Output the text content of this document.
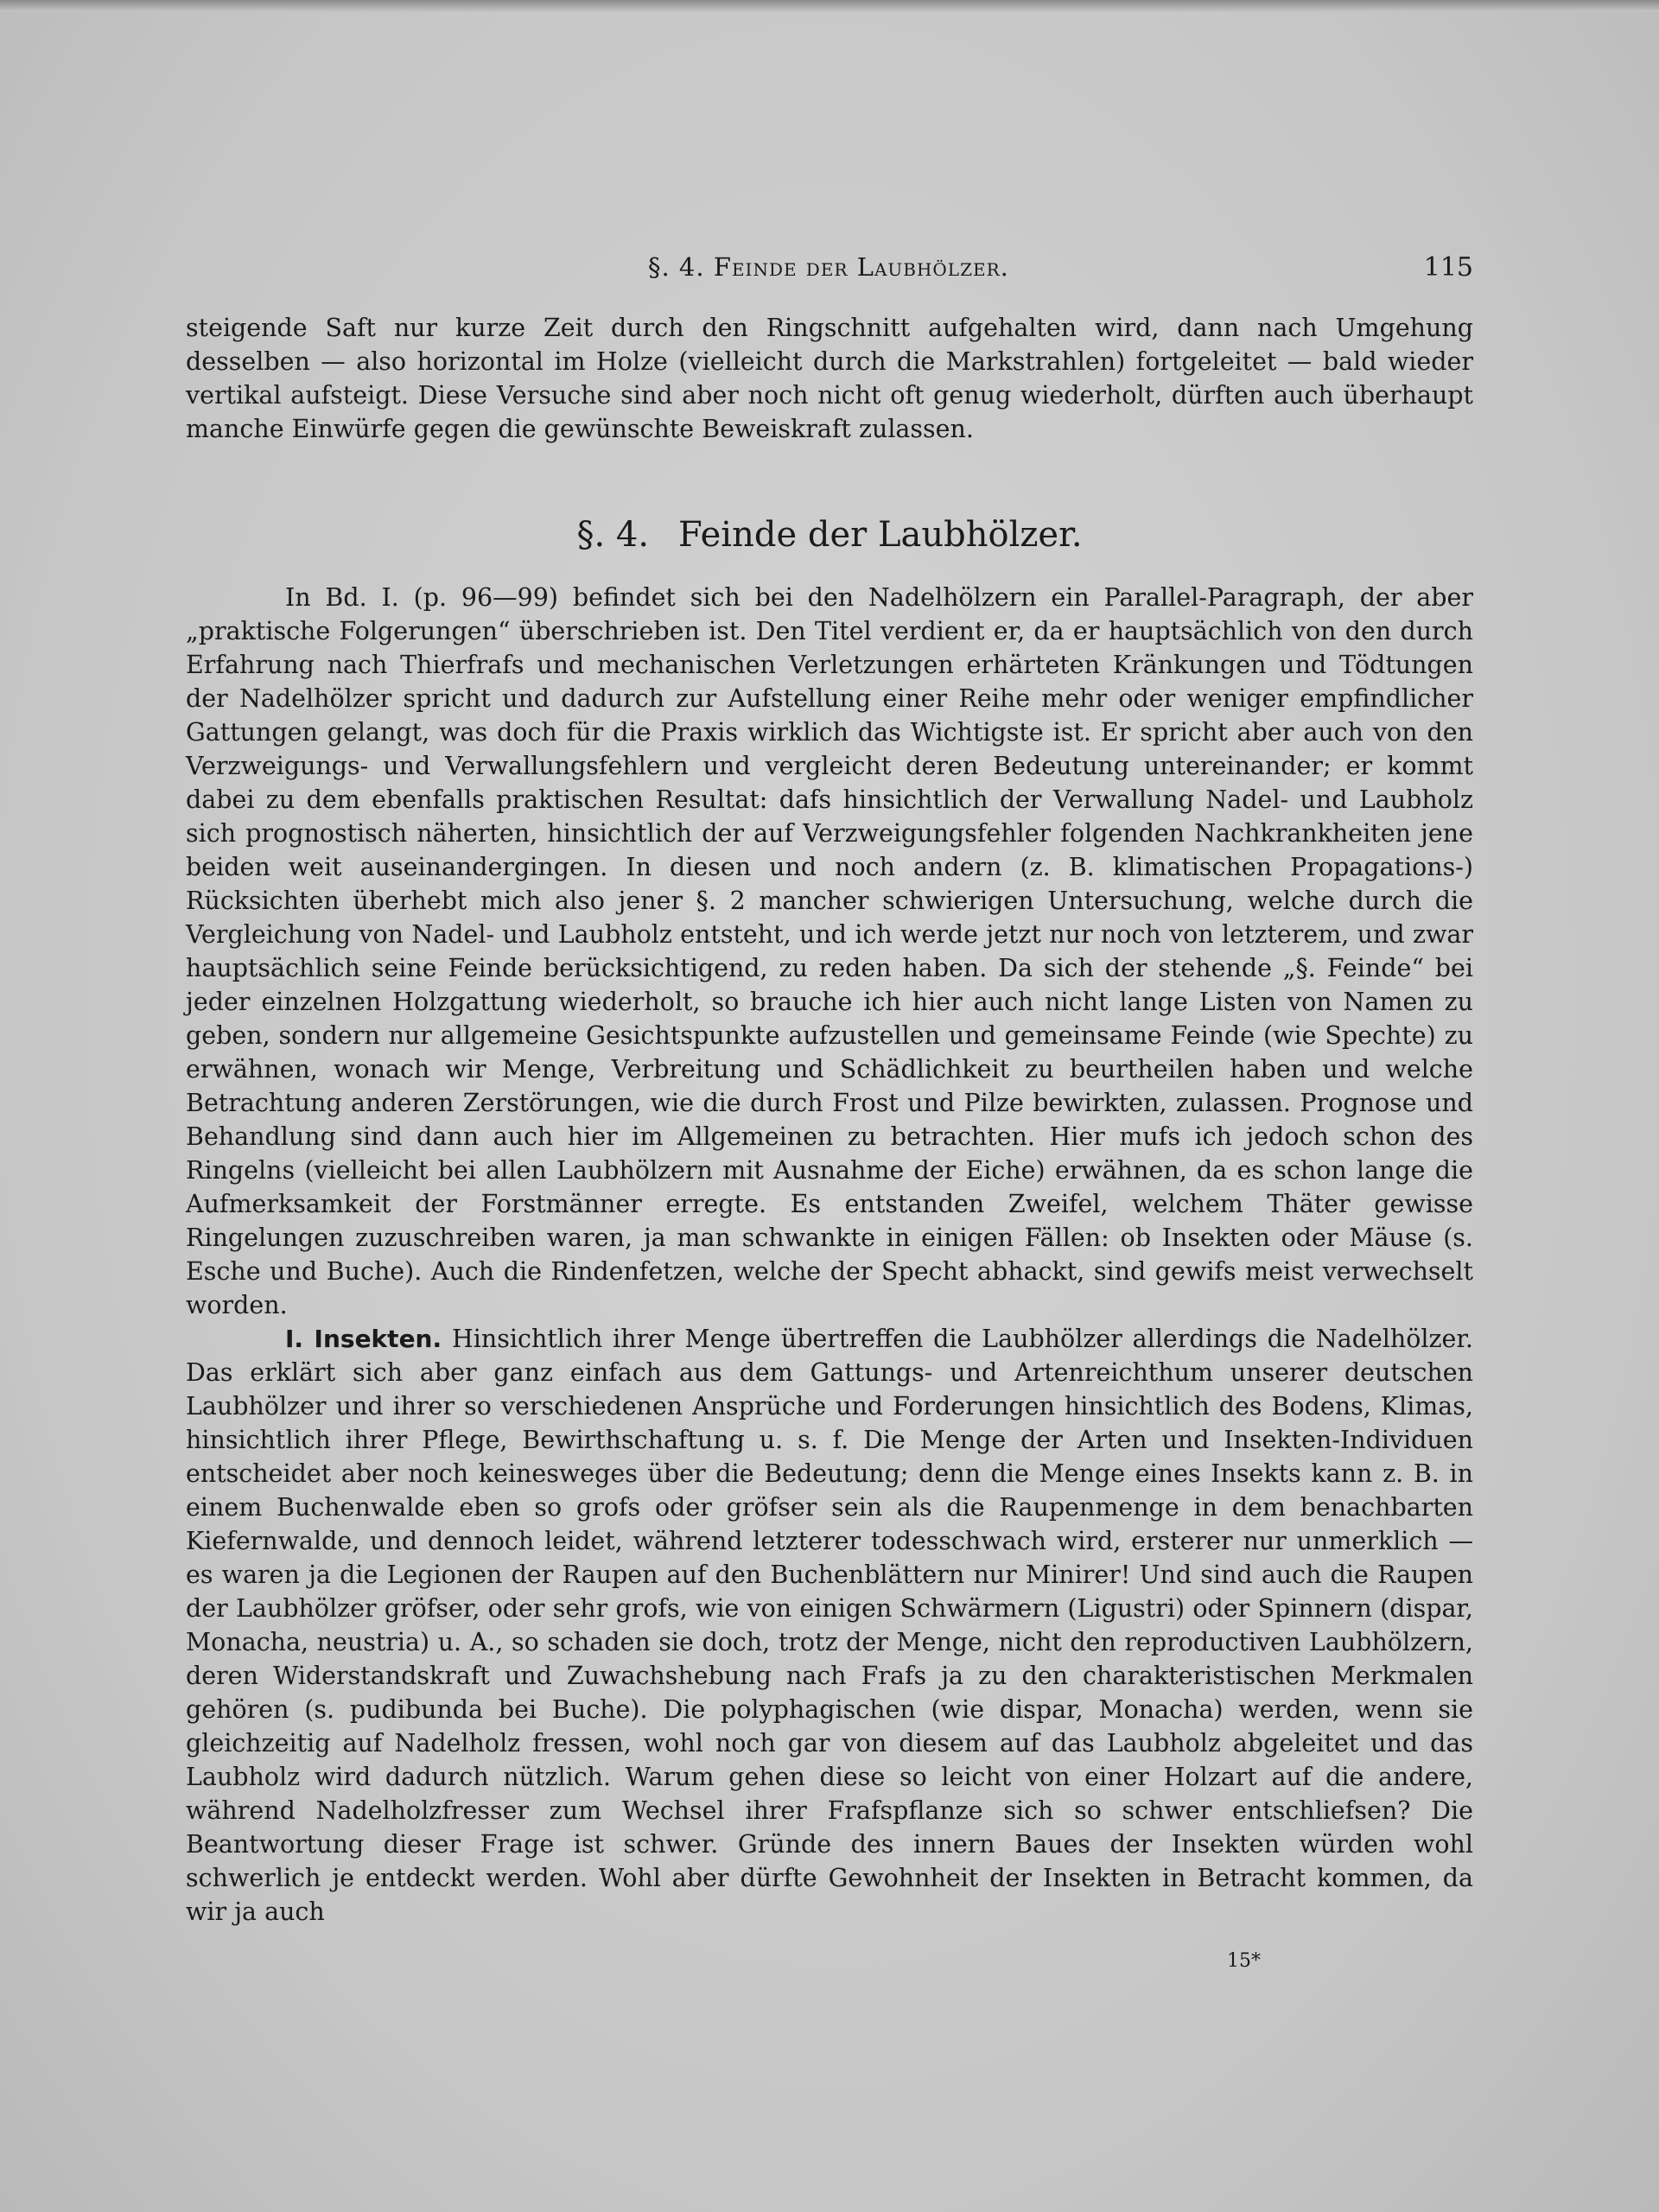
§. 4. Feinde der Laubhölzer.	115

steigende Saft nur kurze Zeit durch den Ringschnitt aufgehalten wird, dann nach Umgehung desselben — also horizontal im Holze (vielleicht durch die Markstrahlen) fortgeleitet — bald wieder vertikal aufsteigt. Diese Versuche sind aber noch nicht oft genug wiederholt, dürften auch überhaupt manche Einwürfe gegen die gewünschte Beweiskraft zulassen.

§. 4. Feinde der Laubhölzer.

In Bd. I. (p. 96—99) befindet sich bei den Nadelhölzern ein Parallel-Paragraph, der aber „praktische Folgerungen“ überschrieben ist. Den Titel verdient er, da er hauptsächlich von den durch Erfahrung nach Thierfrafs und mechanischen Verletzungen erhärteten Kränkungen und Tödtungen der Nadelhölzer spricht und dadurch zur Aufstellung einer Reihe mehr oder weniger empfindlicher Gattungen gelangt, was doch für die Praxis wirklich das Wichtigste ist. Er spricht aber auch von den Verzweigungs- und Verwallungsfehlern und vergleicht deren Bedeutung untereinander; er kommt dabei zu dem ebenfalls praktischen Resultat: dafs hinsichtlich der Verwallung Nadel- und Laubholz sich prognostisch näherten, hinsichtlich der auf Verzweigungsfehler folgenden Nachkrankheiten jene beiden weit auseinandergingen. In diesen und noch andern (z. B. klimatischen Propagations-) Rücksichten überhebt mich also jener §. 2 mancher schwierigen Untersuchung, welche durch die Vergleichung von Nadel- und Laubholz entsteht, und ich werde jetzt nur noch von letzterem, und zwar hauptsächlich seine Feinde berücksichtigend, zu reden haben. Da sich der stehende „§. Feinde“ bei jeder einzelnen Holzgattung wiederholt, so brauche ich hier auch nicht lange Listen von Namen zu geben, sondern nur allgemeine Gesichtspunkte aufzustellen und gemeinsame Feinde (wie Spechte) zu erwähnen, wonach wir Menge, Verbreitung und Schädlichkeit zu beurtheilen haben und welche Betrachtung anderen Zerstörungen, wie die durch Frost und Pilze bewirkten, zulassen. Prognose und Behandlung sind dann auch hier im Allgemeinen zu betrachten. Hier mufs ich jedoch schon des Ringelns (vielleicht bei allen Laubhölzern mit Ausnahme der Eiche) erwähnen, da es schon lange die Aufmerksamkeit der Forstmänner erregte. Es entstanden Zweifel, welchem Thäter gewisse Ringelungen zuzuschreiben waren, ja man schwankte in einigen Fällen: ob Insekten oder Mäuse (s. Esche und Buche). Auch die Rindenfetzen, welche der Specht abhackt, sind gewifs meist verwechselt worden.

I. Insekten. Hinsichtlich ihrer Menge übertreffen die Laubhölzer allerdings die Nadelhölzer. Das erklärt sich aber ganz einfach aus dem Gattungs- und Artenreichthum unserer deutschen Laubhölzer und ihrer so verschiedenen Ansprüche und Forderungen hinsichtlich des Bodens, Klimas, hinsichtlich ihrer Pflege, Bewirthschaftung u. s. f. Die Menge der Arten und Insekten-Individuen entscheidet aber noch keinesweges über die Bedeutung; denn die Menge eines Insekts kann z. B. in einem Buchenwalde eben so grofs oder gröfser sein als die Raupenmenge in dem benachbarten Kiefernwalde, und dennoch leidet, während letzterer todesschwach wird, ersterer nur unmerklich — es waren ja die Legionen der Raupen auf den Buchenblättern nur Minirer! Und sind auch die Raupen der Laubhölzer gröfser, oder sehr grofs, wie von einigen Schwärmern (Ligustri) oder Spinnern (dispar, Monacha, neustria) u. A., so schaden sie doch, trotz der Menge, nicht den reproductiven Laubhölzern, deren Widerstandskraft und Zuwachshebung nach Frafs ja zu den charakteristischen Merkmalen gehören (s. pudibunda bei Buche). Die polyphagischen (wie dispar, Monacha) werden, wenn sie gleichzeitig auf Nadelholz fressen, wohl noch gar von diesem auf das Laubholz abgeleitet und das Laubholz wird dadurch nützlich. Warum gehen diese so leicht von einer Holzart auf die andere, während Nadelholzfresser zum Wechsel ihrer Frafspflanze sich so schwer entschliefsen? Die Beantwortung dieser Frage ist schwer. Gründe des innern Baues der Insekten würden wohl schwerlich je entdeckt werden. Wohl aber dürfte Gewohnheit der Insekten in Betracht kommen, da wir ja auch

15*
